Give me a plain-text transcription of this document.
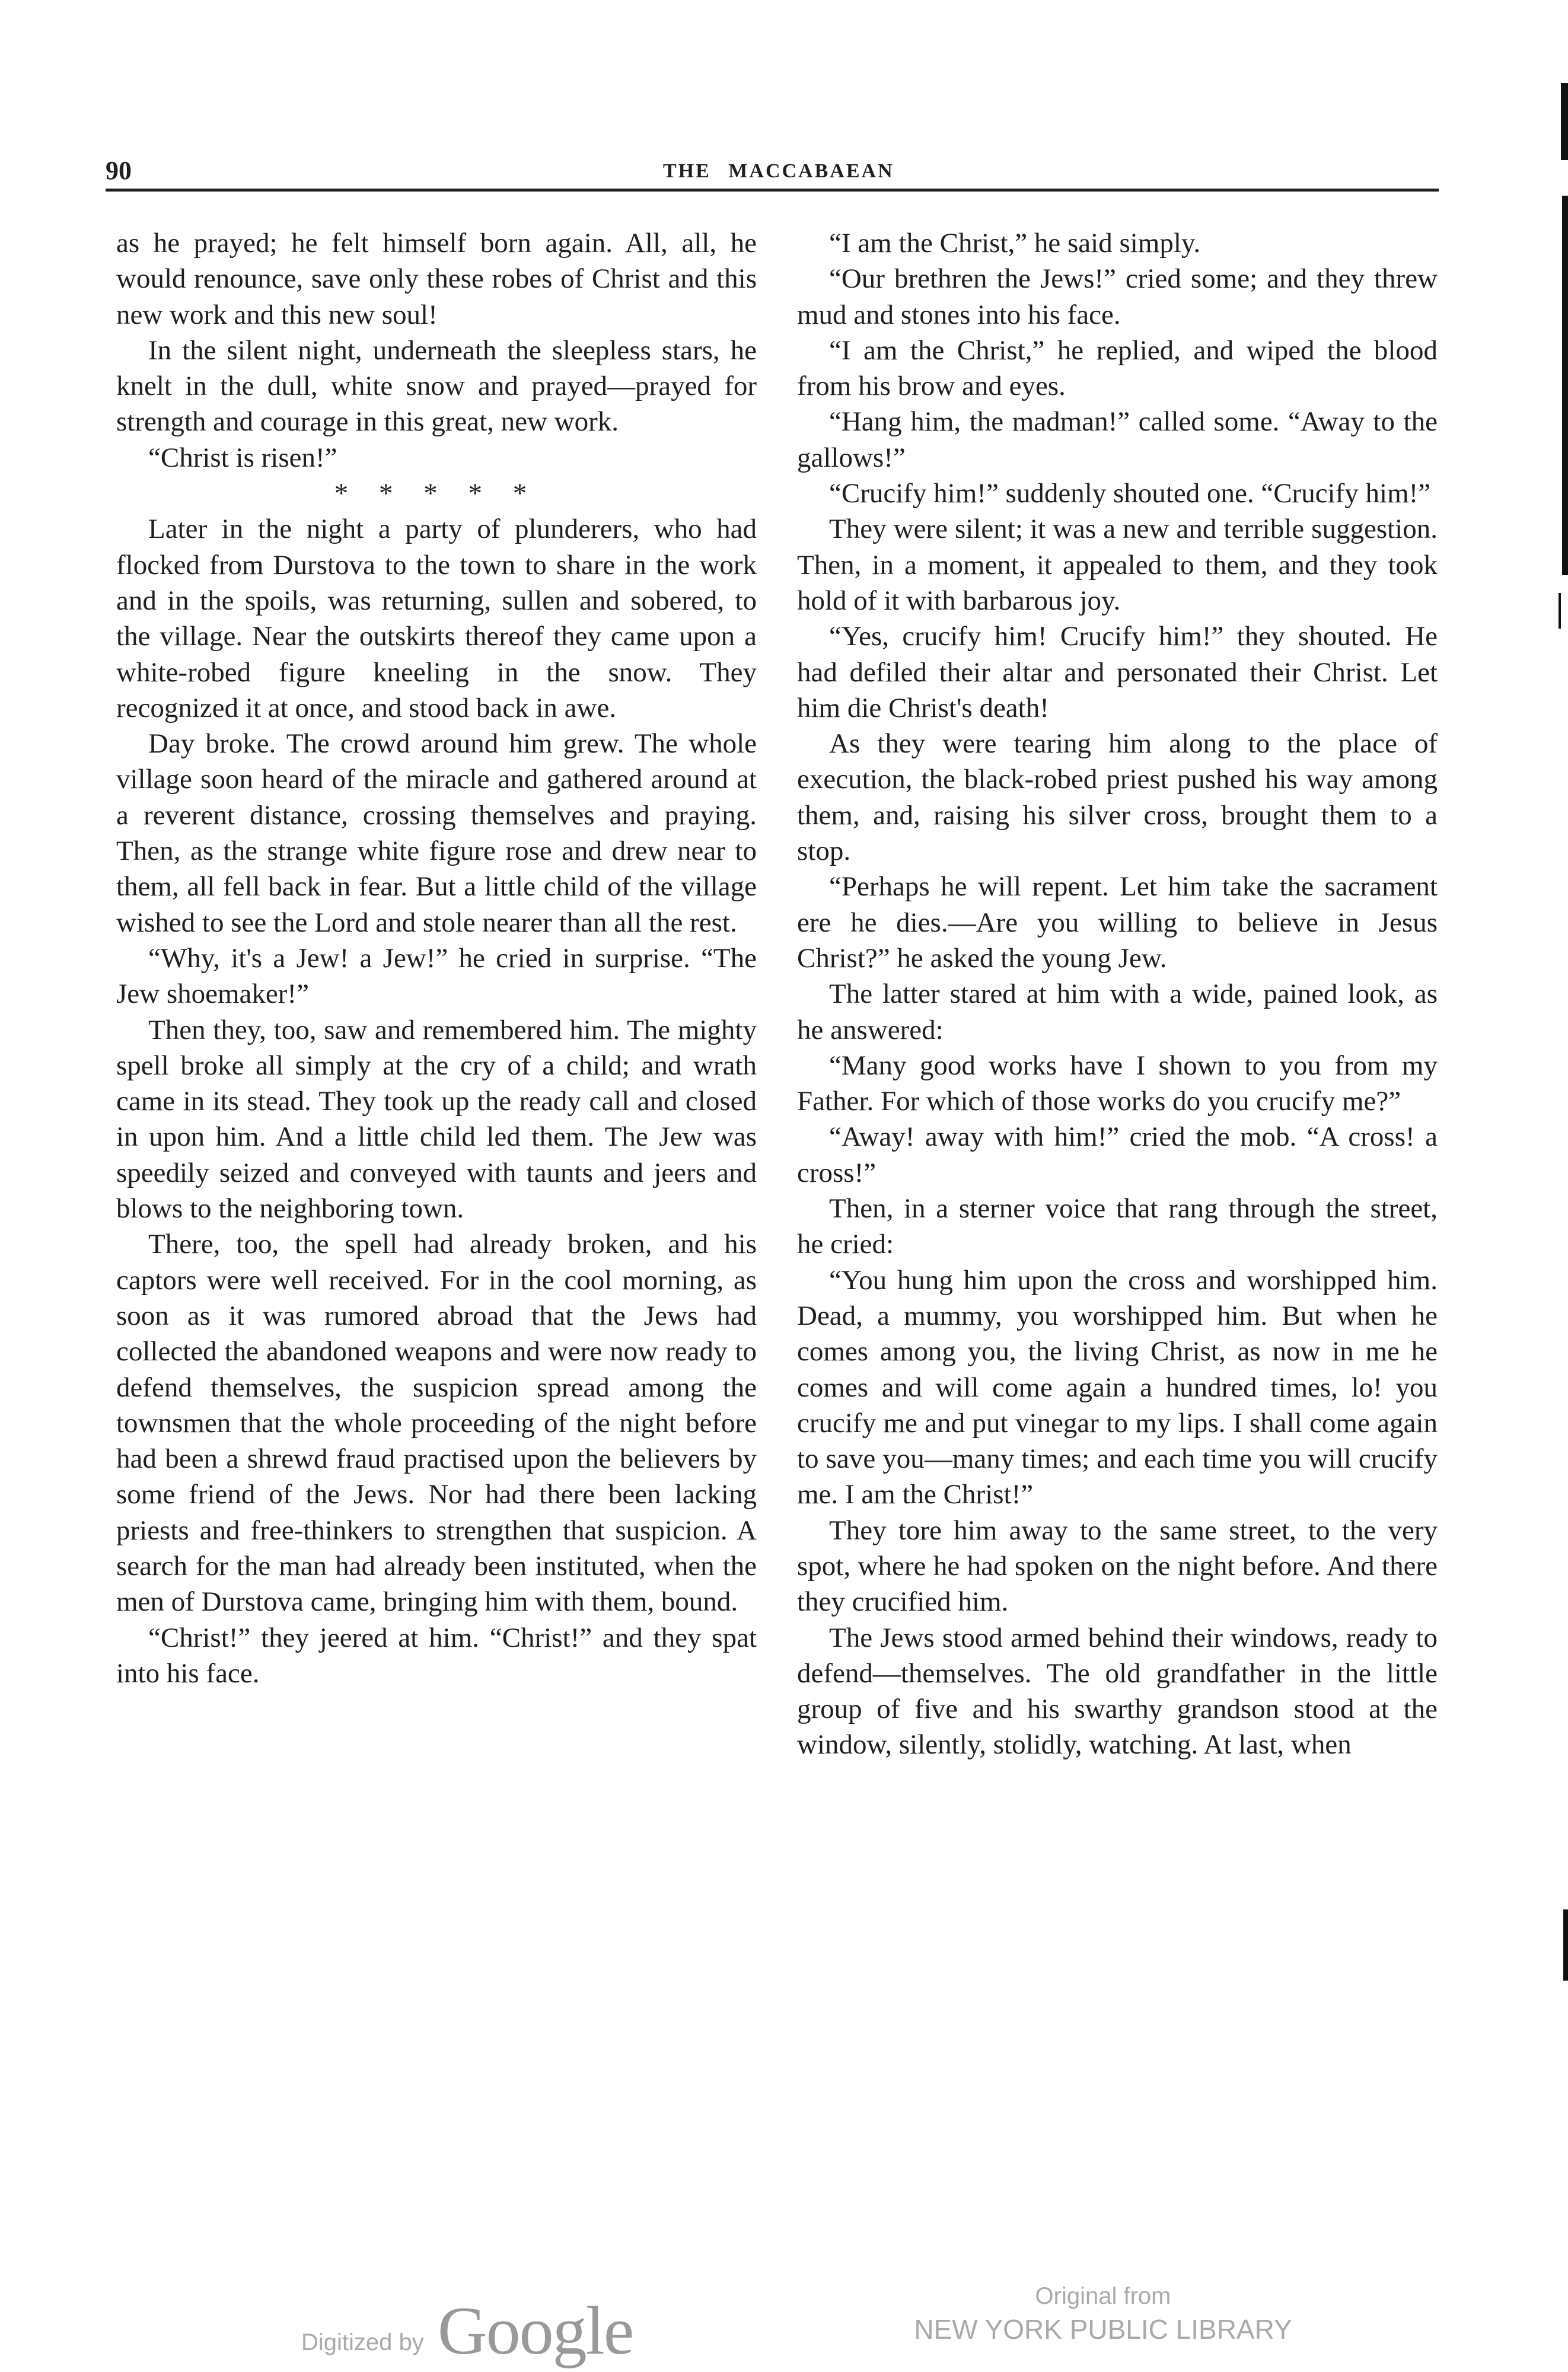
90	THE MACCABAEAN

as he prayed; he felt himself born again. All, all, he would renounce, save only these robes of Christ and this new work and this new soul!

In the silent night, underneath the sleepless stars, he knelt in the dull, white snow and prayed—prayed for strength and courage in this great, new work.

“Christ is risen!”

* * * * *

Later in the night a party of plunderers, who had flocked from Durstova to the town to share in the work and in the spoils, was returning, sullen and sobered, to the village. Near the outskirts thereof they came upon a white-robed figure kneeling in the snow. They recognized it at once, and stood back in awe.

Day broke. The crowd around him grew. The whole village soon heard of the miracle and gathered around at a reverent distance, crossing themselves and praying. Then, as the strange white figure rose and drew near to them, all fell back in fear. But a little child of the village wished to see the Lord and stole nearer than all the rest.

“Why, it's a Jew! a Jew!” he cried in surprise. “The Jew shoemaker!”

Then they, too, saw and remembered him. The mighty spell broke all simply at the cry of a child; and wrath came in its stead. They took up the ready call and closed in upon him. And a little child led them. The Jew was speedily seized and conveyed with taunts and jeers and blows to the neighboring town.

There, too, the spell had already broken, and his captors were well received. For in the cool morning, as soon as it was rumored abroad that the Jews had collected the abandoned weapons and were now ready to defend themselves, the suspicion spread among the townsmen that the whole proceeding of the night before had been a shrewd fraud practised upon the believers by some friend of the Jews. Nor had there been lacking priests and free-thinkers to strengthen that suspicion. A search for the man had already been instituted, when the men of Durstova came, bringing him with them, bound.

“Christ!” they jeered at him. “Christ!” and they spat into his face.

“I am the Christ,” he said simply.

“Our brethren the Jews!” cried some; and they threw mud and stones into his face.

“I am the Christ,” he replied, and wiped the blood from his brow and eyes.

“Hang him, the madman!” called some. “Away to the gallows!”

“Crucify him!” suddenly shouted one. “Crucify him!”

They were silent; it was a new and terrible suggestion. Then, in a moment, it appealed to them, and they took hold of it with barbarous joy.

“Yes, crucify him! Crucify him!” they shouted. He had defiled their altar and personated their Christ. Let him die Christ's death!

As they were tearing him along to the place of execution, the black-robed priest pushed his way among them, and, raising his silver cross, brought them to a stop.

“Perhaps he will repent. Let him take the sacrament ere he dies.—Are you willing to believe in Jesus Christ?” he asked the young Jew.

The latter stared at him with a wide, pained look, as he answered:

“Many good works have I shown to you from my Father. For which of those works do you crucify me?”

“Away! away with him!” cried the mob. “A cross! a cross!”

Then, in a sterner voice that rang through the street, he cried:

“You hung him upon the cross and worshipped him. Dead, a mummy, you worshipped him. But when he comes among you, the living Christ, as now in me he comes and will come again a hundred times, lo! you crucify me and put vinegar to my lips. I shall come again to save you—many times; and each time you will crucify me. I am the Christ!”

They tore him away to the same street, to the very spot, where he had spoken on the night before. And there they crucified him.

The Jews stood armed behind their windows, ready to defend—themselves. The old grandfather in the little group of five and his swarthy grandson stood at the window, silently, stolidly, watching. At last, when

Digitized by Google	Original from
NEW YORK PUBLIC LIBRARY
